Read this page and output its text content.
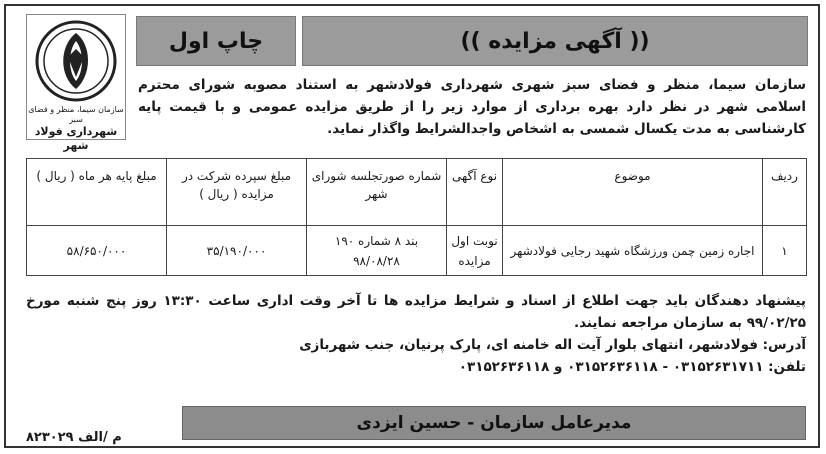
(( آگهی مزایده ))
چاپ اول
سازمان سیما، منظر و فضای سبز
شهرداری فولاد شهر
سازمان سیما، منظر و فضای سبز شهری شهرداری فولادشهر به استناد مصوبه شورای محترم اسلامی شهر در نظر دارد بهره برداری از موارد زیر را از طریق مزایده عمومی و با قیمت پایه کارشناسی به مدت یکسال شمسی به اشخاص واجدالشرایط واگذار نماید.
ردیف	موضوع	نوع آگهی	شماره صورتجلسه شورای شهر	مبلغ سپرده شرکت در مزایده ( ریال )	مبلغ پایه هر ماه ( ریال )
۱	اجاره زمین چمن ورزشگاه شهید رجایی فولادشهر	نوبت اول مزایده	بند ۸ شماره ۱۹۰ ۹۸/۰۸/۲۸	۳۵/۱۹۰/۰۰۰	۵۸/۶۵۰/۰۰۰
پیشنهاد دهندگان باید جهت اطلاع از اسناد و شرایط مزایده ها تا آخر وقت اداری ساعت ۱۳:۳۰ روز پنج شنبه مورخ ۹۹/۰۲/۲۵ به سازمان مراجعه نمایند.
آدرس: فولادشهر، انتهای بلوار آیت اله خامنه ای، پارک پرنیان، جنب شهربازی
تلفن: ۰۳۱۵۲۶۳۱۷۱۱ - ۰۳۱۵۲۶۳۶۱۱۸ و ۰۳۱۵۲۶۳۶۱۱۸
مدیرعامل سازمان - حسین ایزدی
۸۲۳۰۲۹ م /الف
